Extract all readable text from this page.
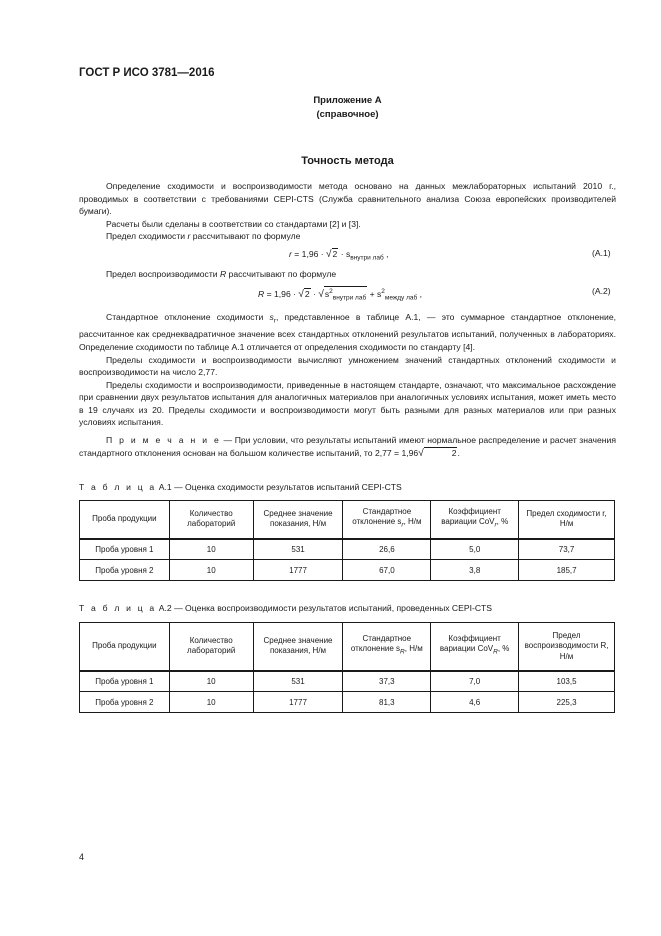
ГОСТ Р ИСО 3781—2016
Приложение А
(справочное)
Точность метода

Определение сходимости и воспроизводимости метода основано на данных межлабораторных испытаний 2010 г., проводимых в соответствии с требованиями CEPI-CTS (Служба сравнительного анализа Союза европейских производителей бумаги).

Расчеты были сделаны в соответствии со стандартами [2] и [3].

Предел сходимости r рассчитывают по формуле

$r = 1,96 \cdot √2 \cdot s_{внутри лаб}$ ,	(А.1)

Предел воспроизводимости R рассчитывают по формуле

$R = 1,96 \cdot √2 \cdot √s^2_{внутри лаб} + s^2_{между лаб}$ ,	(А.2)

Стандартное отклонение сходимости $s_r$, представленное в таблице А.1, — это суммарное стандартное отклонение, рассчитанное как среднеквадратичное значение всех стандартных отклонений результатов испытаний, полученных в лабораториях. Определение сходимости по таблице А.1 отличается от определения сходимости по стандарту [4].

Пределы сходимости и воспроизводимости вычисляют умножением значений стандартных отклонений сходимости и воспроизводимости на число 2,77.

Пределы сходимости и воспроизводимости, приведенные в настоящем стандарте, означают, что максимальное расхождение при сравнении двух результатов испытания для аналогичных материалов при аналогичных условиях испытания, может иметь место в 19 случаях из 20. Пределы сходимости и воспроизводимости могут быть разными для разных материалов или при разных условиях испытания.

П р и м е ч а н и е — При условии, что результаты испытаний имеют нормальное распределение и расчет значения стандартного отклонения основан на большом количестве испытаний, то 2,77 = 1,96√	2.

Т а б л и ц а А.1 — Оценка сходимости результатов испытаний CEPI-CTS
Проба продукции	Количество лабораторий	Среднее значение показания, Н/м	Стандартное отклонение $s_r$, Н/м	Коэффициент вариации CoV$_r$, %	Предел сходимости r, Н/м
Проба уровня 1	10	531	26,6	5,0	73,7
Проба уровня 2	10	1777	67,0	3,8	185,7
Т а б л и ц а А.2 — Оценка воспроизводимости результатов испытаний, проведенных CEPI-CTS
Проба продукции	Количество лабораторий	Среднее значение показания, Н/м	Стандартное отклонение $s_R$, Н/м	Коэффициент вариации CoV$_R$, %	Предел воспроизводимости R, Н/м
Проба уровня 1	10	531	37,3	7,0	103,5
Проба уровня 2	10	1777	81,3	4,6	225,3
4
